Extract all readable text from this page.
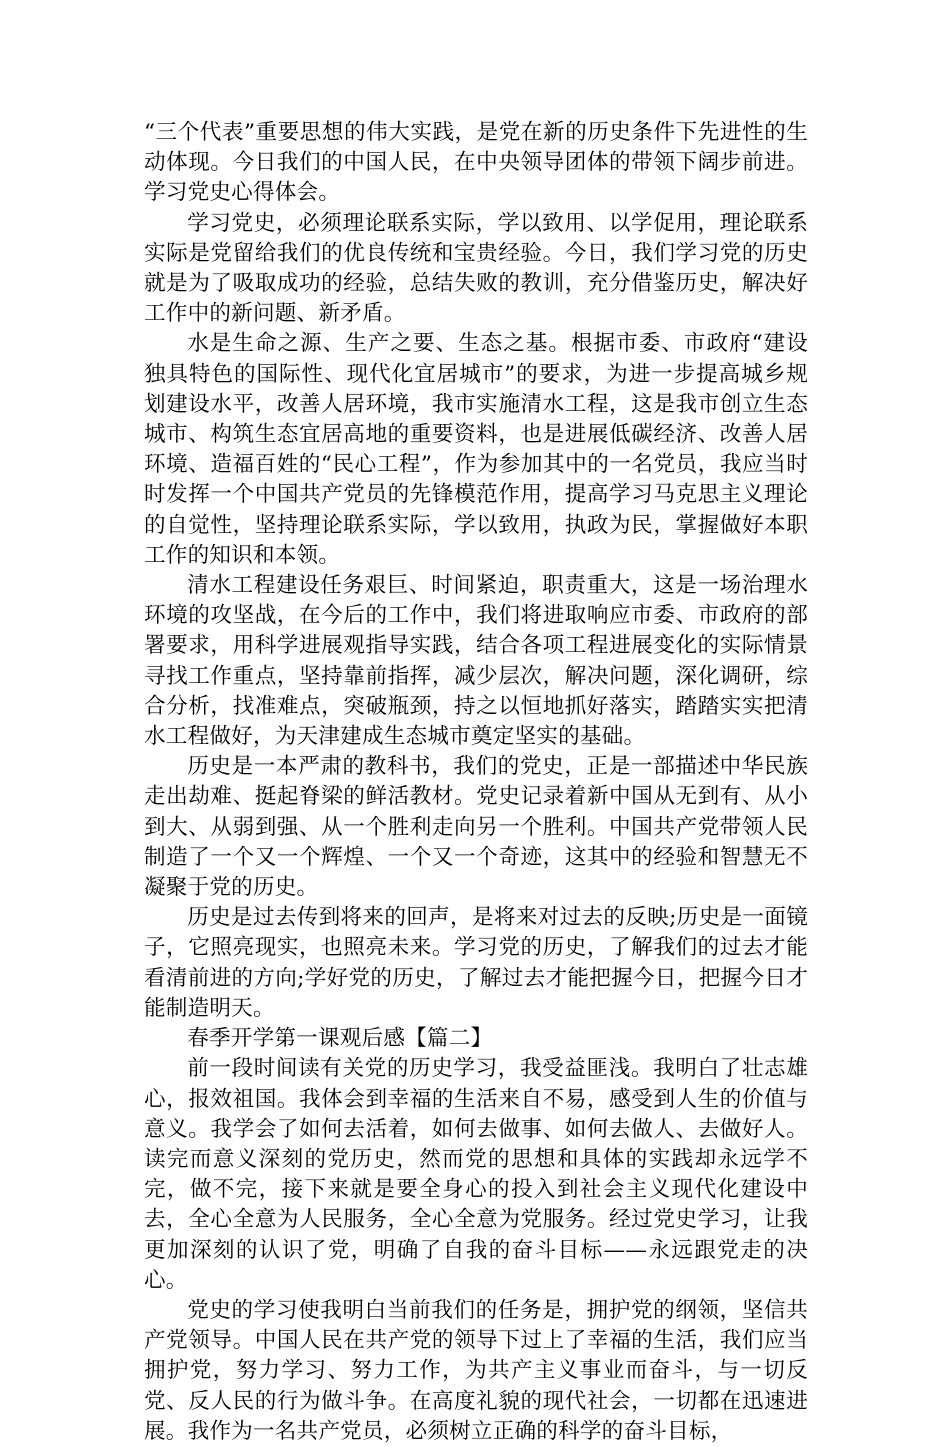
“三个代表”重要思想的伟大实践，是党在新的历史条件下先进性的生动体现。今日我们的中国人民，在中央领导团体的带领下阔步前进。学习党史心得体会。

学习党史，必须理论联系实际，学以致用、以学促用，理论联系实际是党留给我们的优良传统和宝贵经验。今日，我们学习党的历史就是为了吸取成功的经验，总结失败的教训，充分借鉴历史，解决好工作中的新问题、新矛盾。

水是生命之源、生产之要、生态之基。根据市委、市政府“建设独具特色的国际性、现代化宜居城市”的要求，为进一步提高城乡规划建设水平，改善人居环境，我市实施清水工程，这是我市创立生态城市、构筑生态宜居高地的重要资料，也是进展低碳经济、改善人居环境、造福百姓的“民心工程”，作为参加其中的一名党员，我应当时时发挥一个中国共产党员的先锋模范作用，提高学习马克思主义理论的自觉性，坚持理论联系实际，学以致用，执政为民，掌握做好本职工作的知识和本领。

清水工程建设任务艰巨、时间紧迫，职责重大，这是一场治理水环境的攻坚战，在今后的工作中，我们将进取响应市委、市政府的部署要求，用科学进展观指导实践，结合各项工程进展变化的实际情景寻找工作重点，坚持靠前指挥，减少层次，解决问题，深化调研，综合分析，找准难点，突破瓶颈，持之以恒地抓好落实，踏踏实实把清水工程做好，为天津建成生态城市奠定坚实的基础。

历史是一本严肃的教科书，我们的党史，正是一部描述中华民族走出劫难、挺起脊梁的鲜活教材。党史记录着新中国从无到有、从小到大、从弱到强、从一个胜利走向另一个胜利。中国共产党带领人民制造了一个又一个辉煌、一个又一个奇迹，这其中的经验和智慧无不凝聚于党的历史。

历史是过去传到将来的回声，是将来对过去的反映;历史是一面镜子，它照亮现实，也照亮未来。学习党的历史，了解我们的过去才能看清前进的方向;学好党的历史，了解过去才能把握今日，把握今日才能制造明天。

春季开学第一课观后感【篇二】

前一段时间读有关党的历史学习，我受益匪浅。我明白了壮志雄心，报效祖国。我体会到幸福的生活来自不易，感受到人生的价值与意义。我学会了如何去活着，如何去做事、如何去做人、去做好人。读完而意义深刻的党历史，然而党的思想和具体的实践却永远学不完，做不完，接下来就是要全身心的投入到社会主义现代化建设中去，全心全意为人民服务，全心全意为党服务。经过党史学习，让我更加深刻的认识了党，明确了自我的奋斗目标——永远跟党走的决心。

党史的学习使我明白当前我们的任务是，拥护党的纲领，坚信共产党领导。中国人民在共产党的领导下过上了幸福的生活，我们应当拥护党，努力学习、努力工作，为共产主义事业而奋斗，与一切反党、反人民的行为做斗争。在高度礼貌的现代社会，一切都在迅速进展。我作为一名共产党员，必须树立正确的科学的奋斗目标，
